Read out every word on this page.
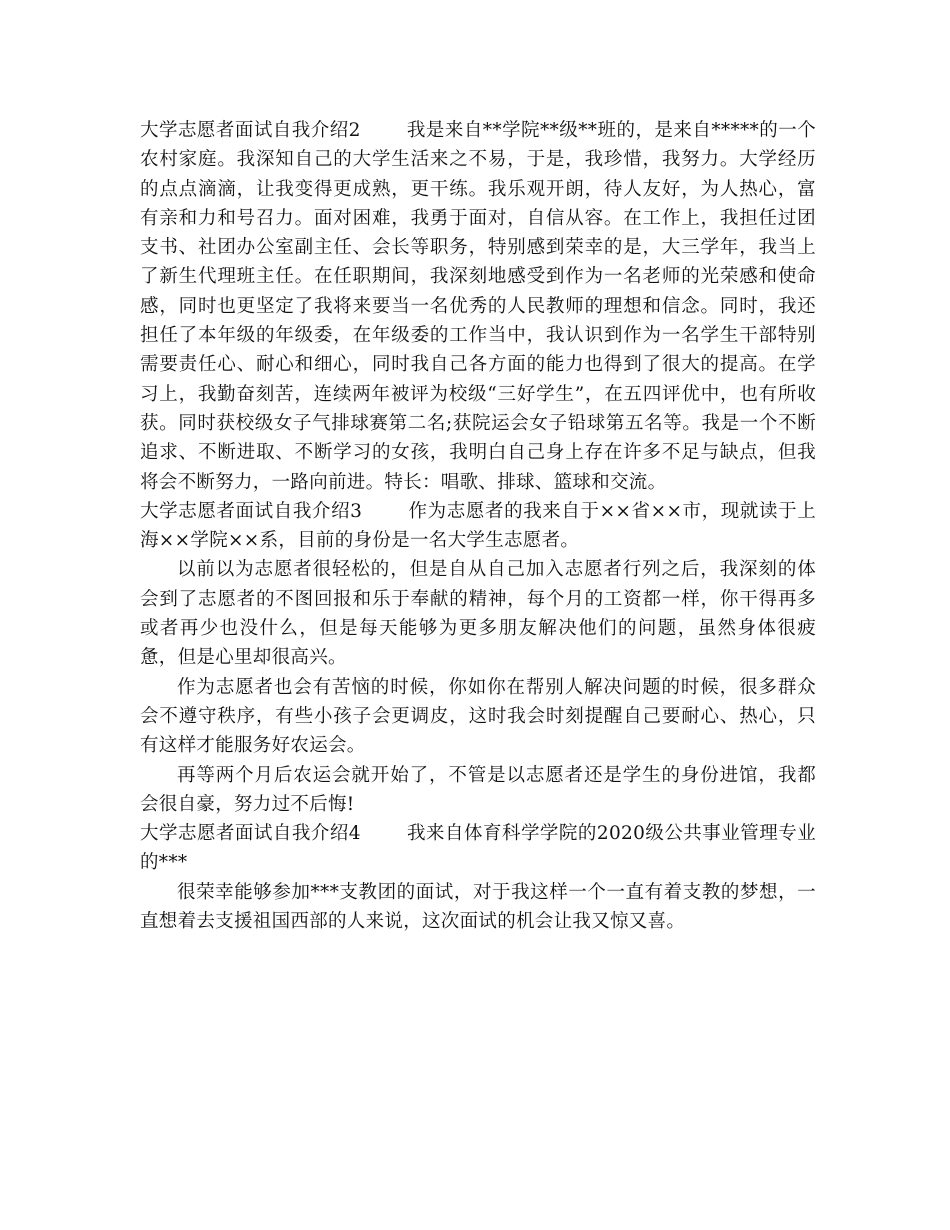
大学志愿者面试自我介绍2 我是来自**学院**级**班的，是来自*****的一个农村家庭。我深知自己的大学生活来之不易，于是，我珍惜，我努力。大学经历的点点滴滴，让我变得更成熟，更干练。我乐观开朗，待人友好，为人热心，富有亲和力和号召力。面对困难，我勇于面对，自信从容。在工作上，我担任过团支书、社团办公室副主任、会长等职务，特别感到荣幸的是，大三学年，我当上了新生代理班主任。在任职期间，我深刻地感受到作为一名老师的光荣感和使命感，同时也更坚定了我将来要当一名优秀的人民教师的理想和信念。同时，我还担任了本年级的年级委，在年级委的工作当中，我认识到作为一名学生干部特别需要责任心、耐心和细心，同时我自己各方面的能力也得到了很大的提高。在学习上，我勤奋刻苦，连续两年被评为校级“三好学生”，在五四评优中，也有所收获。同时获校级女子气排球赛第二名;获院运会女子铅球第五名等。我是一个不断追求、不断进取、不断学习的女孩，我明白自己身上存在许多不足与缺点，但我将会不断努力，一路向前进。特长：唱歌、排球、篮球和交流。

大学志愿者面试自我介绍3 作为志愿者的我来自于××省××市，现就读于上海××学院××系，目前的身份是一名大学生志愿者。

以前以为志愿者很轻松的，但是自从自己加入志愿者行列之后，我深刻的体会到了志愿者的不图回报和乐于奉献的精神，每个月的工资都一样，你干得再多或者再少也没什么，但是每天能够为更多朋友解决他们的问题，虽然身体很疲惫，但是心里却很高兴。

作为志愿者也会有苦恼的时候，你如你在帮别人解决问题的时候，很多群众会不遵守秩序，有些小孩子会更调皮，这时我会时刻提醒自己要耐心、热心，只有这样才能服务好农运会。

再等两个月后农运会就开始了，不管是以志愿者还是学生的身份进馆，我都会很自豪，努力过不后悔!

大学志愿者面试自我介绍4 我来自体育科学学院的2020级公共事业管理专业的***

很荣幸能够参加***支教团的面试，对于我这样一个一直有着支教的梦想，一直想着去支援祖国西部的人来说，这次面试的机会让我又惊又喜。
